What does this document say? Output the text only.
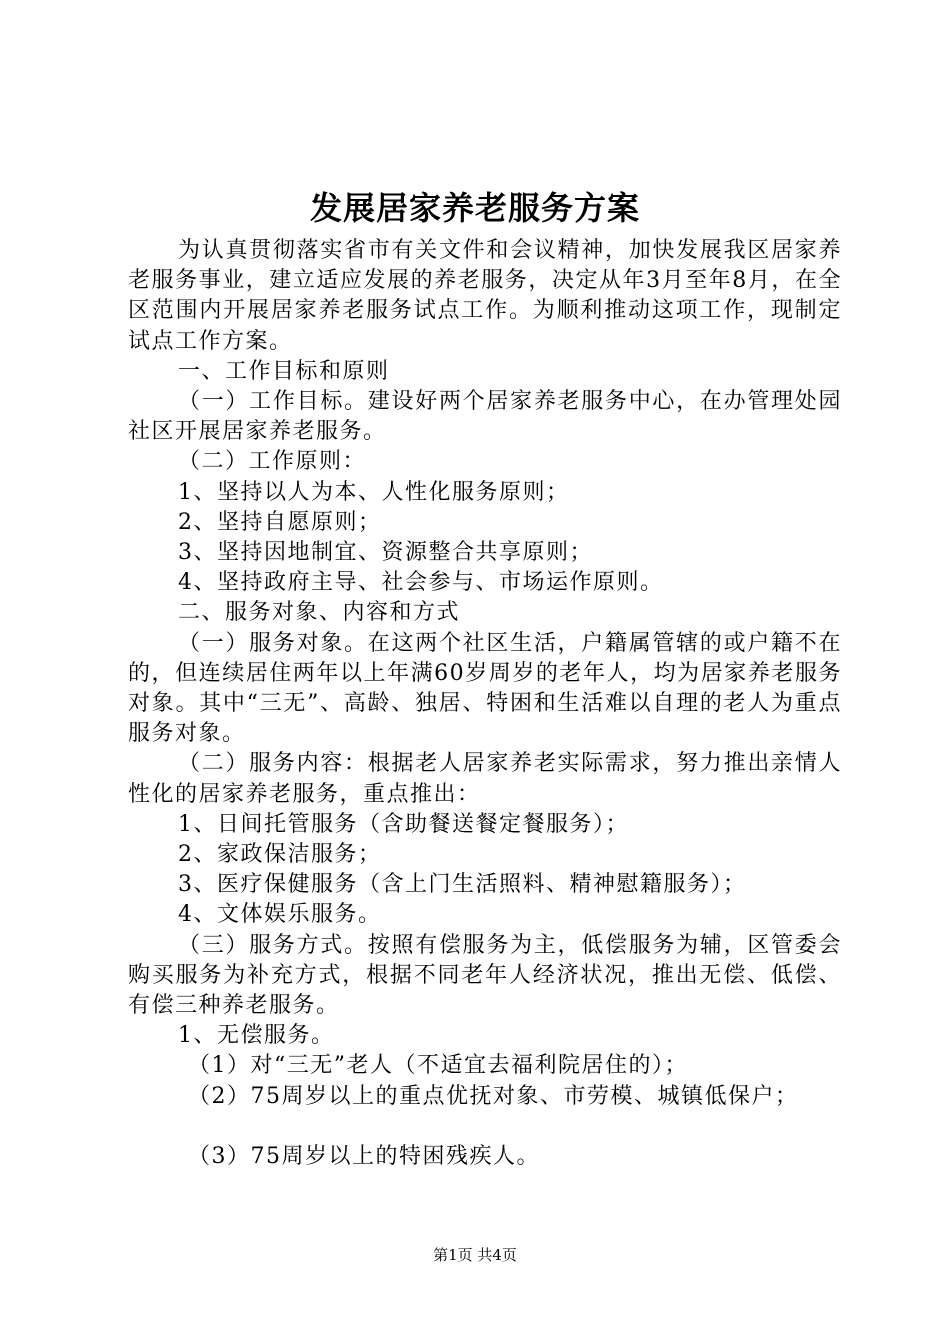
发展居家养老服务方案

为认真贯彻落实省市有关文件和会议精神，加快发展我区居家养老服务事业，建立适应发展的养老服务，决定从年3月至年8月，在全区范围内开展居家养老服务试点工作。为顺利推动这项工作，现制定试点工作方案。

一、工作目标和原则

（一）工作目标。建设好两个居家养老服务中心，在办管理处园社区开展居家养老服务。

（二）工作原则：

1、坚持以人为本、人性化服务原则；

2、坚持自愿原则；

3、坚持因地制宜、资源整合共享原则；

4、坚持政府主导、社会参与、市场运作原则。

二、服务对象、内容和方式

（一）服务对象。在这两个社区生活，户籍属管辖的或户籍不在的，但连续居住两年以上年满60岁周岁的老年人，均为居家养老服务对象。其中“三无”、高龄、独居、特困和生活难以自理的老人为重点服务对象。

（二）服务内容：根据老人居家养老实际需求，努力推出亲情人性化的居家养老服务，重点推出：

1、日间托管服务（含助餐送餐定餐服务）；

2、家政保洁服务；

3、医疗保健服务（含上门生活照料、精神慰籍服务）；

4、文体娱乐服务。

（三）服务方式。按照有偿服务为主，低偿服务为辅，区管委会购买服务为补充方式，根据不同老年人经济状况，推出无偿、低偿、有偿三种养老服务。

1、无偿服务。

（1）对“三无”老人（不适宜去福利院居住的）；

（2）75周岁以上的重点优抚对象、市劳模、城镇低保户；

（3）75周岁以上的特困残疾人。

第1页 共4页
